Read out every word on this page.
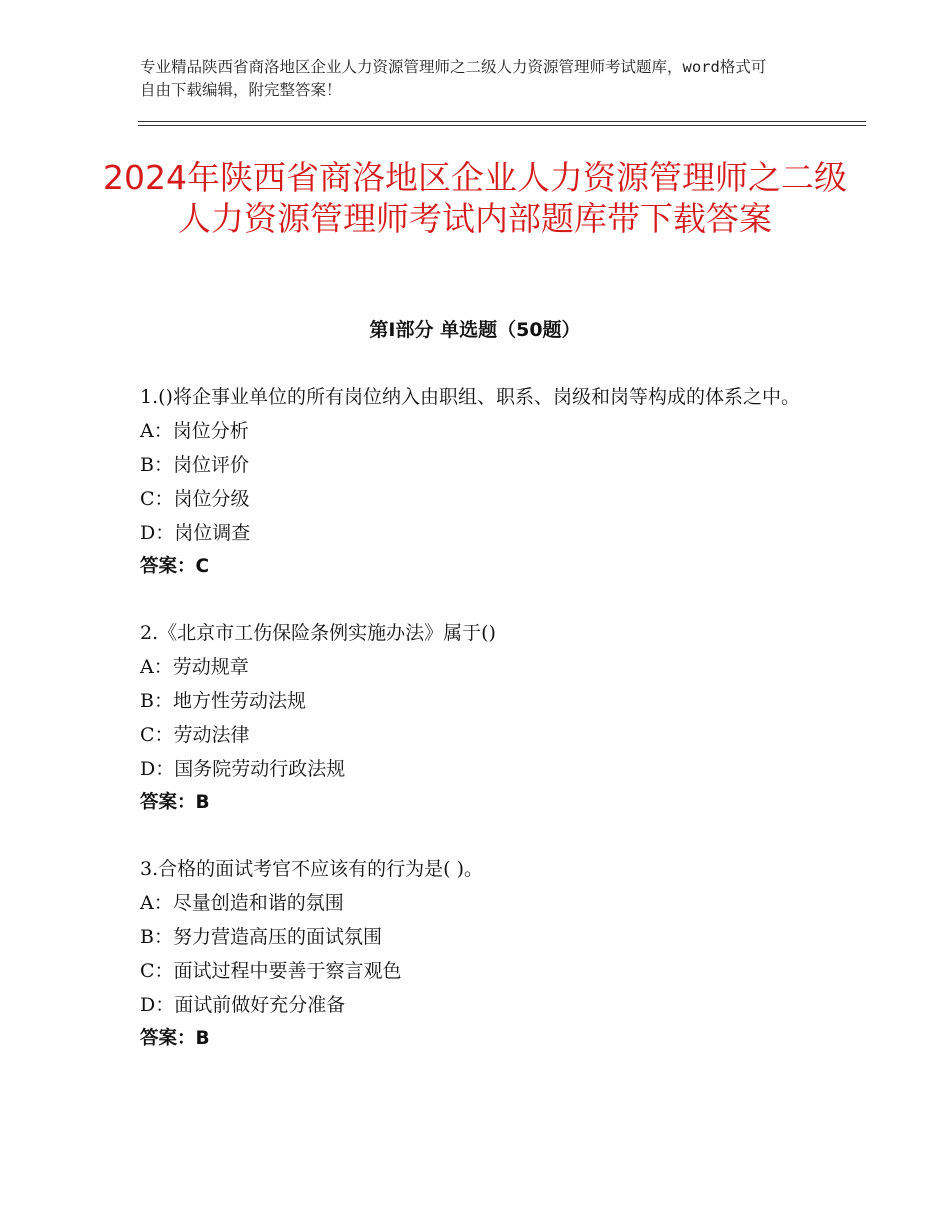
专业精品陕西省商洛地区企业人力资源管理师之二级人力资源管理师考试题库，word格式可自由下载编辑，附完整答案！
2024年陕西省商洛地区企业人力资源管理师之二级人力资源管理师考试内部题库带下载答案
第Ⅰ部分 单选题（50题）
1.()将企事业单位的所有岗位纳入由职组、职系、岗级和岗等构成的体系之中。
A：岗位分析
B：岗位评价
C：岗位分级
D：岗位调查
答案：C
2.《北京市工伤保险条例实施办法》属于()
A：劳动规章
B：地方性劳动法规
C：劳动法律
D：国务院劳动行政法规
答案：B
3.合格的面试考官不应该有的行为是( )。
A：尽量创造和谐的氛围
B：努力营造高压的面试氛围
C：面试过程中要善于察言观色
D：面试前做好充分准备
答案：B
